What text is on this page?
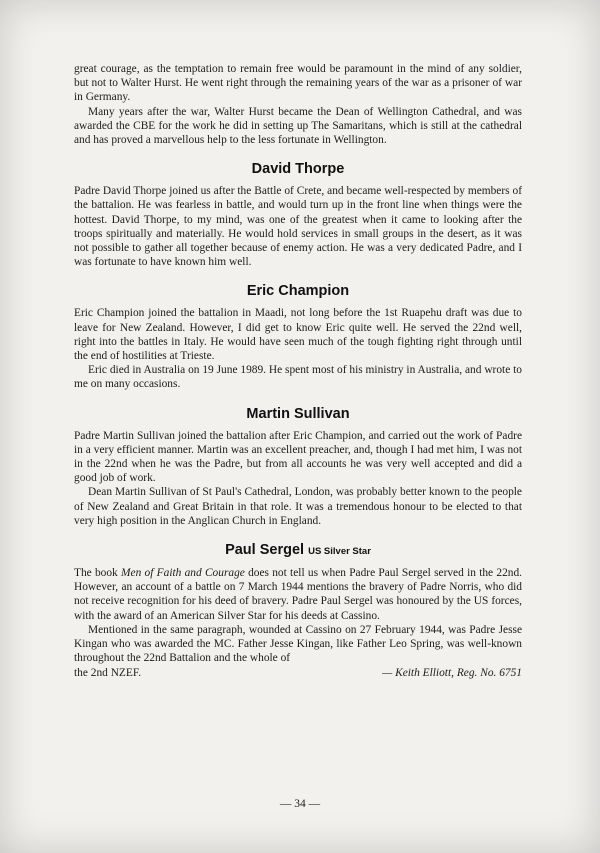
great courage, as the temptation to remain free would be paramount in the mind of any soldier, but not to Walter Hurst. He went right through the remaining years of the war as a prisoner of war in Germany.

Many years after the war, Walter Hurst became the Dean of Wellington Cathedral, and was awarded the CBE for the work he did in setting up The Samaritans, which is still at the cathedral and has proved a marvellous help to the less fortunate in Wellington.

David Thorpe

Padre David Thorpe joined us after the Battle of Crete, and became well-respected by members of the battalion. He was fearless in battle, and would turn up in the front line when things were the hottest. David Thorpe, to my mind, was one of the greatest when it came to looking after the troops spiritually and materially. He would hold services in small groups in the desert, as it was not possible to gather all together because of enemy action. He was a very dedicated Padre, and I was fortunate to have known him well.

Eric Champion

Eric Champion joined the battalion in Maadi, not long before the 1st Ruapehu draft was due to leave for New Zealand. However, I did get to know Eric quite well. He served the 22nd well, right into the battles in Italy. He would have seen much of the tough fighting right through until the end of hostilities at Trieste.

Eric died in Australia on 19 June 1989. He spent most of his ministry in Australia, and wrote to me on many occasions.

Martin Sullivan

Padre Martin Sullivan joined the battalion after Eric Champion, and carried out the work of Padre in a very efficient manner. Martin was an excellent preacher, and, though I had met him, I was not in the 22nd when he was the Padre, but from all accounts he was very well accepted and did a good job of work.

Dean Martin Sullivan of St Paul's Cathedral, London, was probably better known to the people of New Zealand and Great Britain in that role. It was a tremendous honour to be elected to that very high position in the Anglican Church in England.

Paul Sergel US Silver Star

The book Men of Faith and Courage does not tell us when Padre Paul Sergel served in the 22nd. However, an account of a battle on 7 March 1944 mentions the bravery of Padre Norris, who did not receive recognition for his deed of bravery. Padre Paul Sergel was honoured by the US forces, with the award of an American Silver Star for his deeds at Cassino.

Mentioned in the same paragraph, wounded at Cassino on 27 February 1944, was Padre Jesse Kingan who was awarded the MC. Father Jesse Kingan, like Father Leo Spring, was well-known throughout the 22nd Battalion and the whole of

the 2nd NZEF.	— Keith Elliott, Reg. No. 6751
— 34 —
